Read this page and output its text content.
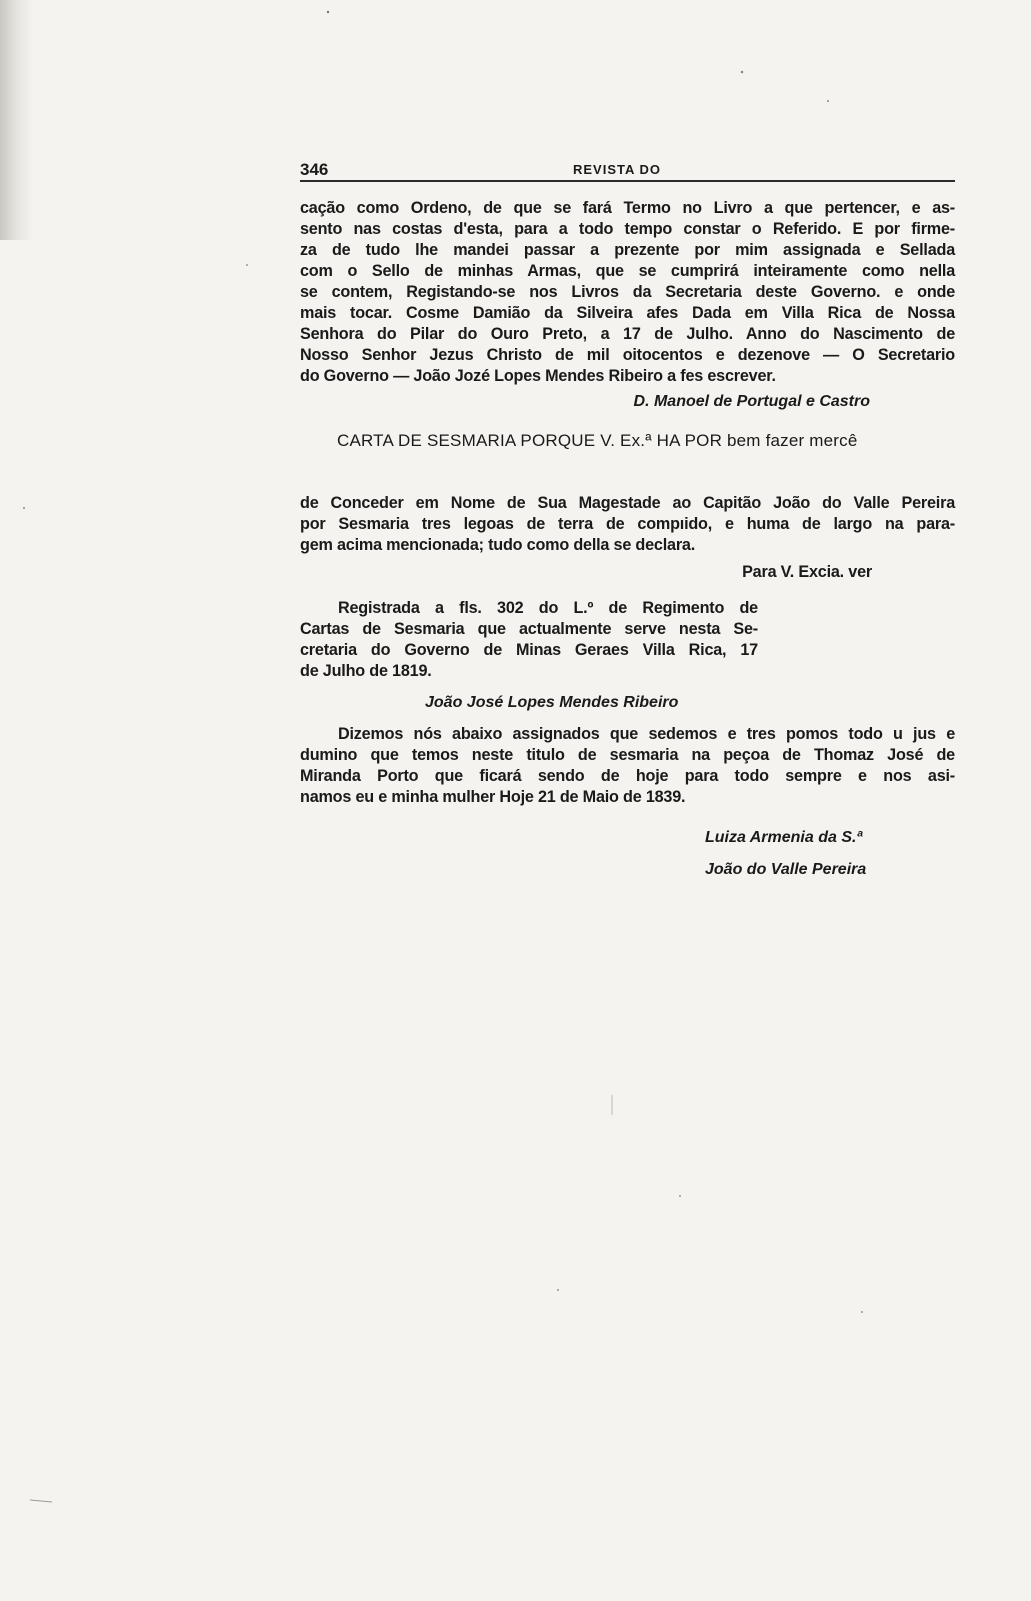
346	REVISTA DO
cação como Ordeno, de que se fará Termo no Livro a que pertencer, e as-
sento nas costas d'esta, para a todo tempo constar o Referido. E por firme-
za de tudo lhe mandei passar a prezente por mim assignada e Sellada
com o Sello de minhas Armas, que se cumprirá inteiramente como nella
se contem, Registando-se nos Livros da Secretaria deste Governo. e onde
mais tocar. Cosme Damião da Silveira afes Dada em Villa Rica de Nossa
Senhora do Pilar do Ouro Preto, a 17 de Julho. Anno do Nascimento de
Nosso Senhor Jezus Christo de mil oitocentos e dezenove — O Secretario
do Governo — João Jozé Lopes Mendes Ribeiro a fes escrever.
D. Manoel de Portugal e Castro
CARTA DE SESMARIA PORQUE V. Ex.ª HA POR bem fazer mercê
de Conceder em Nome de Sua Magestade ao Capitão João do Valle Pereira
por Sesmaria tres legoas de terra de compıido, e huma de largo na para-
gem acima mencionada; tudo como della se declara.
Para V. Excia. ver
Registrada a fls. 302 do L.º de Regimento de
Cartas de Sesmaria que actualmente serve nesta Se-
cretaria do Governo de Minas Geraes Villa Rica, 17
de Julho de 1819.
João José Lopes Mendes Ribeiro
Dizemos nós abaixo assignados que sedemos e tres pomos todo u jus e
dumino que temos neste titulo de sesmaria na peçoa de Thomaz José de
Miranda Porto que ficará sendo de hoje para todo sempre e nos asi-
namos eu e minha mulher Hoje 21 de Maio de 1839.
Luiza Armenia da S.ª
João do Valle Pereira
